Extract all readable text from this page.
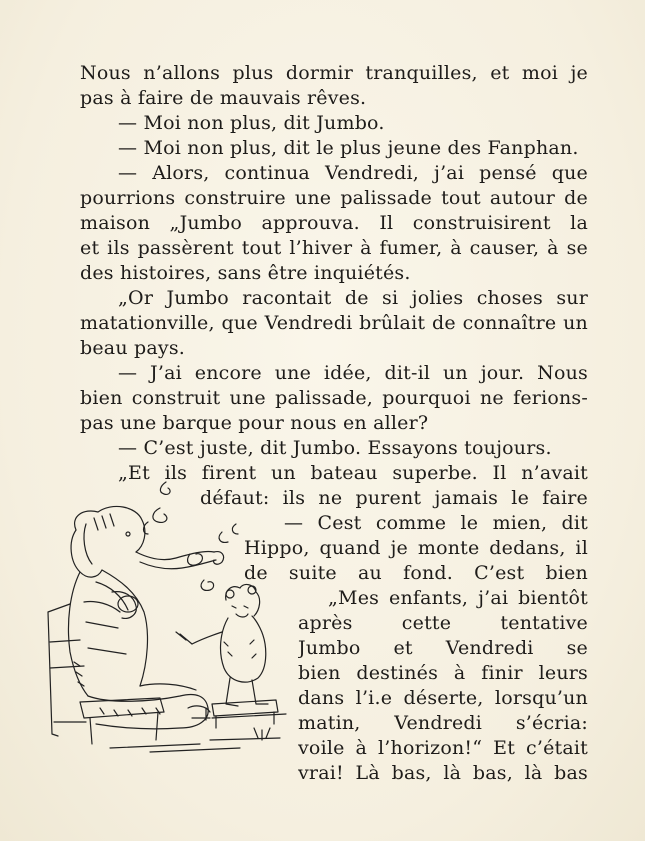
Nous n’allons plus dormir tranquilles, et moi je
pas à faire de mauvais rêves.
— Moi non plus, dit Jumbo.
— Moi non plus, dit le plus jeune des Fanphan.
— Alors, continua Vendredi, j’ai pensé que
pourrions construire une palissade tout autour de
maison „Jumbo approuva. Il construisirent la
et ils passèrent tout l’hiver à fumer, à causer, à se
des histoires, sans être inquiétés.
„Or Jumbo racontait de si jolies choses sur
matationville, que Vendredi brûlait de connaître un
beau pays.
— J’ai encore une idée, dit-il un jour. Nous
bien construit une palissade, pourquoi ne ferions-
pas une barque pour nous en aller?
— C’est juste, dit Jumbo. Essayons toujours.
„Et ils firent un bateau superbe. Il n’avait
défaut: ils ne purent jamais le faire
— Cest comme le mien, dit
Hippo, quand je monte dedans, il
de suite au fond. C’est bien
„Mes enfants, j’ai bientôt
après cette tentative
Jumbo et Vendredi se
bien destinés à finir leurs
dans l’i.e déserte, lorsqu’un
matin, Vendredi s’écria:
voile à l’horizon!“ Et c’était
vrai! Là bas, là bas, là bas
